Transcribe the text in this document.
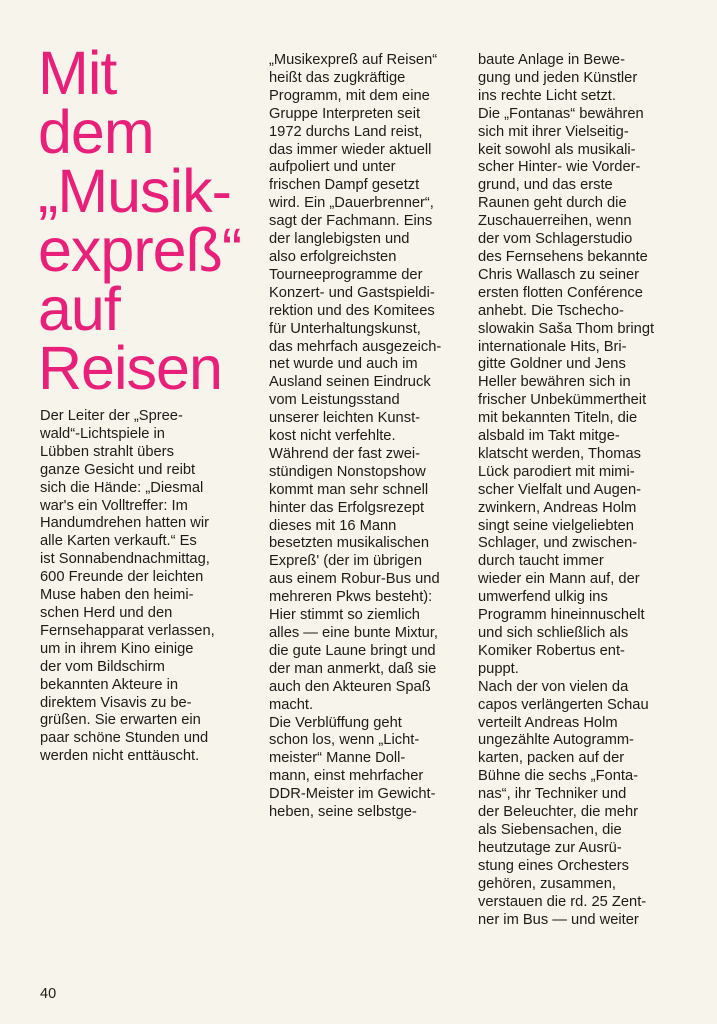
Mit
dem
„Musik-
expreß“
auf
Reisen

Der Leiter der „Spree-
wald“-Lichtspiele in
Lübben strahlt übers
ganze Gesicht und reibt
sich die Hände: „Diesmal
war's ein Volltreffer: Im
Handumdrehen hatten wir
alle Karten verkauft.“ Es
ist Sonnabendnachmittag,
600 Freunde der leichten
Muse haben den heimi-
schen Herd und den
Fernsehapparat verlassen,
um in ihrem Kino einige
der vom Bildschirm
bekannten Akteure in
direktem Visavis zu be-
grüßen. Sie erwarten ein
paar schöne Stunden und
werden nicht enttäuscht.

„Musikexpreß auf Reisen“
heißt das zugkräftige
Programm, mit dem eine
Gruppe Interpreten seit
1972 durchs Land reist,
das immer wieder aktuell
aufpoliert und unter
frischen Dampf gesetzt
wird. Ein „Dauerbrenner“,
sagt der Fachmann. Eins
der langlebigsten und
also erfolgreichsten
Tourneeprogramme der
Konzert- und Gastspieldi-
rektion und des Komitees
für Unterhaltungskunst,
das mehrfach ausgezeich-
net wurde und auch im
Ausland seinen Eindruck
vom Leistungsstand
unserer leichten Kunst-
kost nicht verfehlte.
Während der fast zwei-
stündigen Nonstopshow
kommt man sehr schnell
hinter das Erfolgsrezept
dieses mit 16 Mann
besetzten musikalischen
Expreß' (der im übrigen
aus einem Robur-Bus und
mehreren Pkws besteht):
Hier stimmt so ziemlich
alles — eine bunte Mixtur,
die gute Laune bringt und
der man anmerkt, daß sie
auch den Akteuren Spaß
macht.

Die Verblüffung geht
schon los, wenn „Licht-
meister“ Manne Doll-
mann, einst mehrfacher
DDR-Meister im Gewicht-
heben, seine selbstge-

baute Anlage in Bewe-
gung und jeden Künstler
ins rechte Licht setzt.

Die „Fontanas“ bewähren
sich mit ihrer Vielseitig-
keit sowohl als musikali-
scher Hinter- wie Vorder-
grund, und das erste
Raunen geht durch die
Zuschauerreihen, wenn
der vom Schlagerstudio
des Fernsehens bekannte
Chris Wallasch zu seiner
ersten flotten Conférence
anhebt. Die Tschecho-
slowakin Saša Thom bringt
internationale Hits, Bri-
gitte Goldner und Jens
Heller bewähren sich in
frischer Unbekümmertheit
mit bekannten Titeln, die
alsbald im Takt mitge-
klatscht werden, Thomas
Lück parodiert mit mimi-
scher Vielfalt und Augen-
zwinkern, Andreas Holm
singt seine vielgeliebten
Schlager, und zwischen-
durch taucht immer
wieder ein Mann auf, der
umwerfend ulkig ins
Programm hineinnuschelt
und sich schließlich als
Komiker Robertus ent-
puppt.

Nach der von vielen da
capos verlängerten Schau
verteilt Andreas Holm
ungezählte Autogramm-
karten, packen auf der
Bühne die sechs „Fonta-
nas“, ihr Techniker und
der Beleuchter, die mehr
als Siebensachen, die
heutzutage zur Ausrü-
stung eines Orchesters
gehören, zusammen,
verstauen die rd. 25 Zent-
ner im Bus — und weiter

40
